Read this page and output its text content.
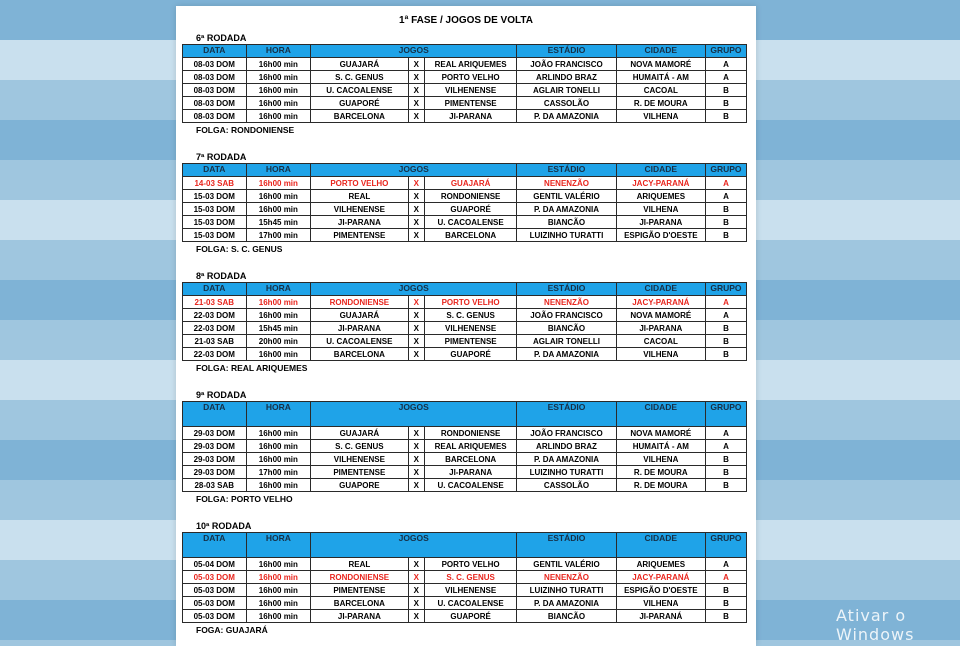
1ª FASE / JOGOS DE VOLTA
6ª RODADA
DATA	HORA	JOGOS			ESTÁDIO	CIDADE	GRUPO
08-03 DOM	16h00 min	GUAJARÁ	X	REAL ARIQUEMES	JOÃO FRANCISCO	NOVA MAMORÉ	A
08-03 DOM	16h00 min	S. C. GENUS	X	PORTO VELHO	ARLINDO BRAZ	HUMAITÁ - AM	A
08-03 DOM	16h00 min	U. CACOALENSE	X	VILHENENSE	AGLAIR TONELLI	CACOAL	B
08-03 DOM	16h00 min	GUAPORÉ	X	PIMENTENSE	CASSOLÃO	R. DE MOURA	B
08-03 DOM	16h00 min	BARCELONA	X	JI-PARANA	P. DA AMAZONIA	VILHENA	B
FOLGA: RONDONIENSE
7ª RODADA
DATA	HORA	JOGOS			ESTÁDIO	CIDADE	GRUPO
14-03 SAB	16h00 min	PORTO VELHO	X	GUAJARÁ	NENENZÃO	JACY-PARANÁ	A
15-03 DOM	16h00 min	REAL	X	RONDONIENSE	GENTIL VALÉRIO	ARIQUEMES	A
15-03 DOM	16h00 min	VILHENENSE	X	GUAPORÉ	P. DA AMAZONIA	VILHENA	B
15-03 DOM	15h45 min	JI-PARANA	X	U. CACOALENSE	BIANCÃO	JI-PARANA	B
15-03 DOM	17h00 min	PIMENTENSE	X	BARCELONA	LUIZINHO TURATTI	ESPIGÃO D'OESTE	B
FOLGA: S. C. GENUS
8ª RODADA
DATA	HORA	JOGOS			ESTÁDIO	CIDADE	GRUPO
21-03 SAB	16h00 min	RONDONIENSE	X	PORTO VELHO	NENENZÃO	JACY-PARANÁ	A
22-03 DOM	16h00 min	GUAJARÁ	X	S. C. GENUS	JOÃO FRANCISCO	NOVA MAMORÉ	A
22-03 DOM	15h45 min	JI-PARANA	X	VILHENENSE	BIANCÃO	JI-PARANA	B
21-03 SAB	20h00 min	U. CACOALENSE	X	PIMENTENSE	AGLAIR TONELLI	CACOAL	B
22-03 DOM	16h00 min	BARCELONA	X	GUAPORÉ	P. DA AMAZONIA	VILHENA	B
FOLGA: REAL ARIQUEMES
9ª RODADA
DATA	HORA	JOGOS			ESTÁDIO	CIDADE	GRUPO
29-03 DOM	16h00 min	GUAJARÁ	X	RONDONIENSE	JOÃO FRANCISCO	NOVA MAMORÉ	A
29-03 DOM	16h00 min	S. C. GENUS	X	REAL ARIQUEMES	ARLINDO BRAZ	HUMAITÁ - AM	A
29-03 DOM	16h00 min	VILHENENSE	X	BARCELONA	P. DA AMAZONIA	VILHENA	B
29-03 DOM	17h00 min	PIMENTENSE	X	JI-PARANA	LUIZINHO TURATTI	R. DE MOURA	B
28-03 SAB	16h00 min	GUAPORE	X	U. CACOALENSE	CASSOLÃO	R. DE MOURA	B
FOLGA: PORTO VELHO
10ª RODADA
DATA	HORA	JOGOS			ESTÁDIO	CIDADE	GRUPO
05-04 DOM	16h00 min	REAL	X	PORTO VELHO	GENTIL VALÉRIO	ARIQUEMES	A
05-03 DOM	16h00 min	RONDONIENSE	X	S. C. GENUS	NENENZÃO	JACY-PARANÁ	A
05-03 DOM	16h00 min	PIMENTENSE	X	VILHENENSE	LUIZINHO TURATTI	ESPIGÃO D'OESTE	B
05-03 DOM	16h00 min	BARCELONA	X	U. CACOALENSE	P. DA AMAZONIA	VILHENA	B
05-03 DOM	16h00 min	JI-PARANA	X	GUAPORÉ	BIANCÃO	JI-PARANÁ	B
FOGA: GUAJARÁ
Ativar o Windows
